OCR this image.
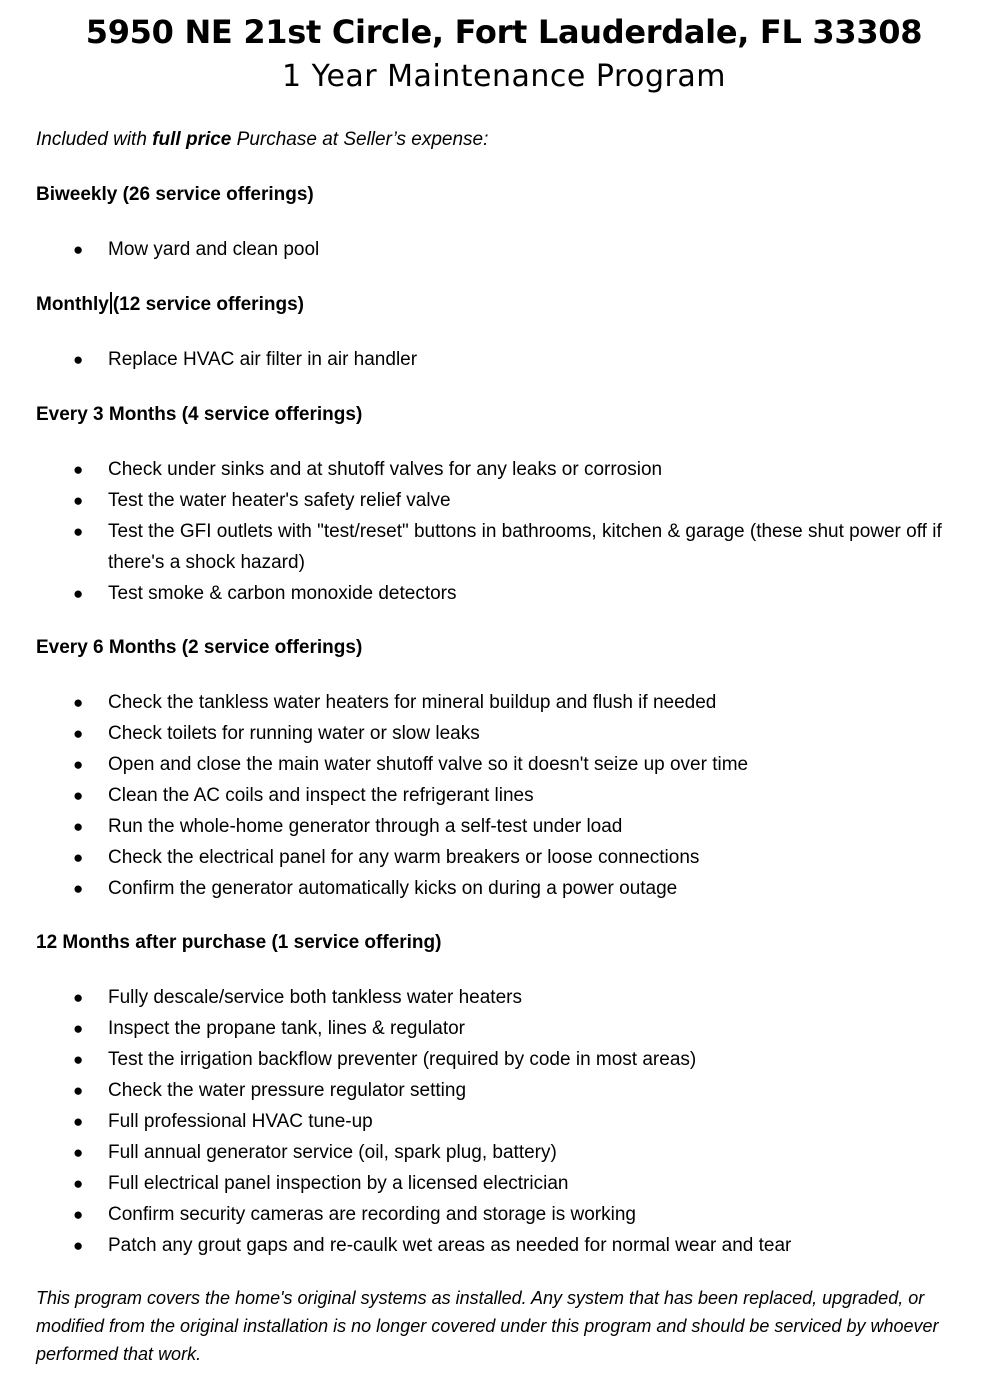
5950 NE 21st Circle, Fort Lauderdale, FL 33308
1 Year Maintenance Program
Included with full price Purchase at Seller’s expense:
Biweekly (26 service offerings)
● Mow yard and clean pool
Monthly (12 service offerings)
● Replace HVAC air filter in air handler
Every 3 Months (4 service offerings)
● Check under sinks and at shutoff valves for any leaks or corrosion
● Test the water heater's safety relief valve
● Test the GFI outlets with "test/reset" buttons in bathrooms, kitchen & garage (these shut power off if there's a shock hazard)
● Test smoke & carbon monoxide detectors
Every 6 Months (2 service offerings)
● Check the tankless water heaters for mineral buildup and flush if needed
● Check toilets for running water or slow leaks
● Open and close the main water shutoff valve so it doesn't seize up over time
● Clean the AC coils and inspect the refrigerant lines
● Run the whole-home generator through a self-test under load
● Check the electrical panel for any warm breakers or loose connections
● Confirm the generator automatically kicks on during a power outage
12 Months after purchase (1 service offering)
● Fully descale/service both tankless water heaters
● Inspect the propane tank, lines & regulator
● Test the irrigation backflow preventer (required by code in most areas)
● Check the water pressure regulator setting
● Full professional HVAC tune-up
● Full annual generator service (oil, spark plug, battery)
● Full electrical panel inspection by a licensed electrician
● Confirm security cameras are recording and storage is working
● Patch any grout gaps and re-caulk wet areas as needed for normal wear and tear
This program covers the home's original systems as installed. Any system that has been replaced, upgraded, or modified from the original installation is no longer covered under this program and should be serviced by whoever performed that work.
